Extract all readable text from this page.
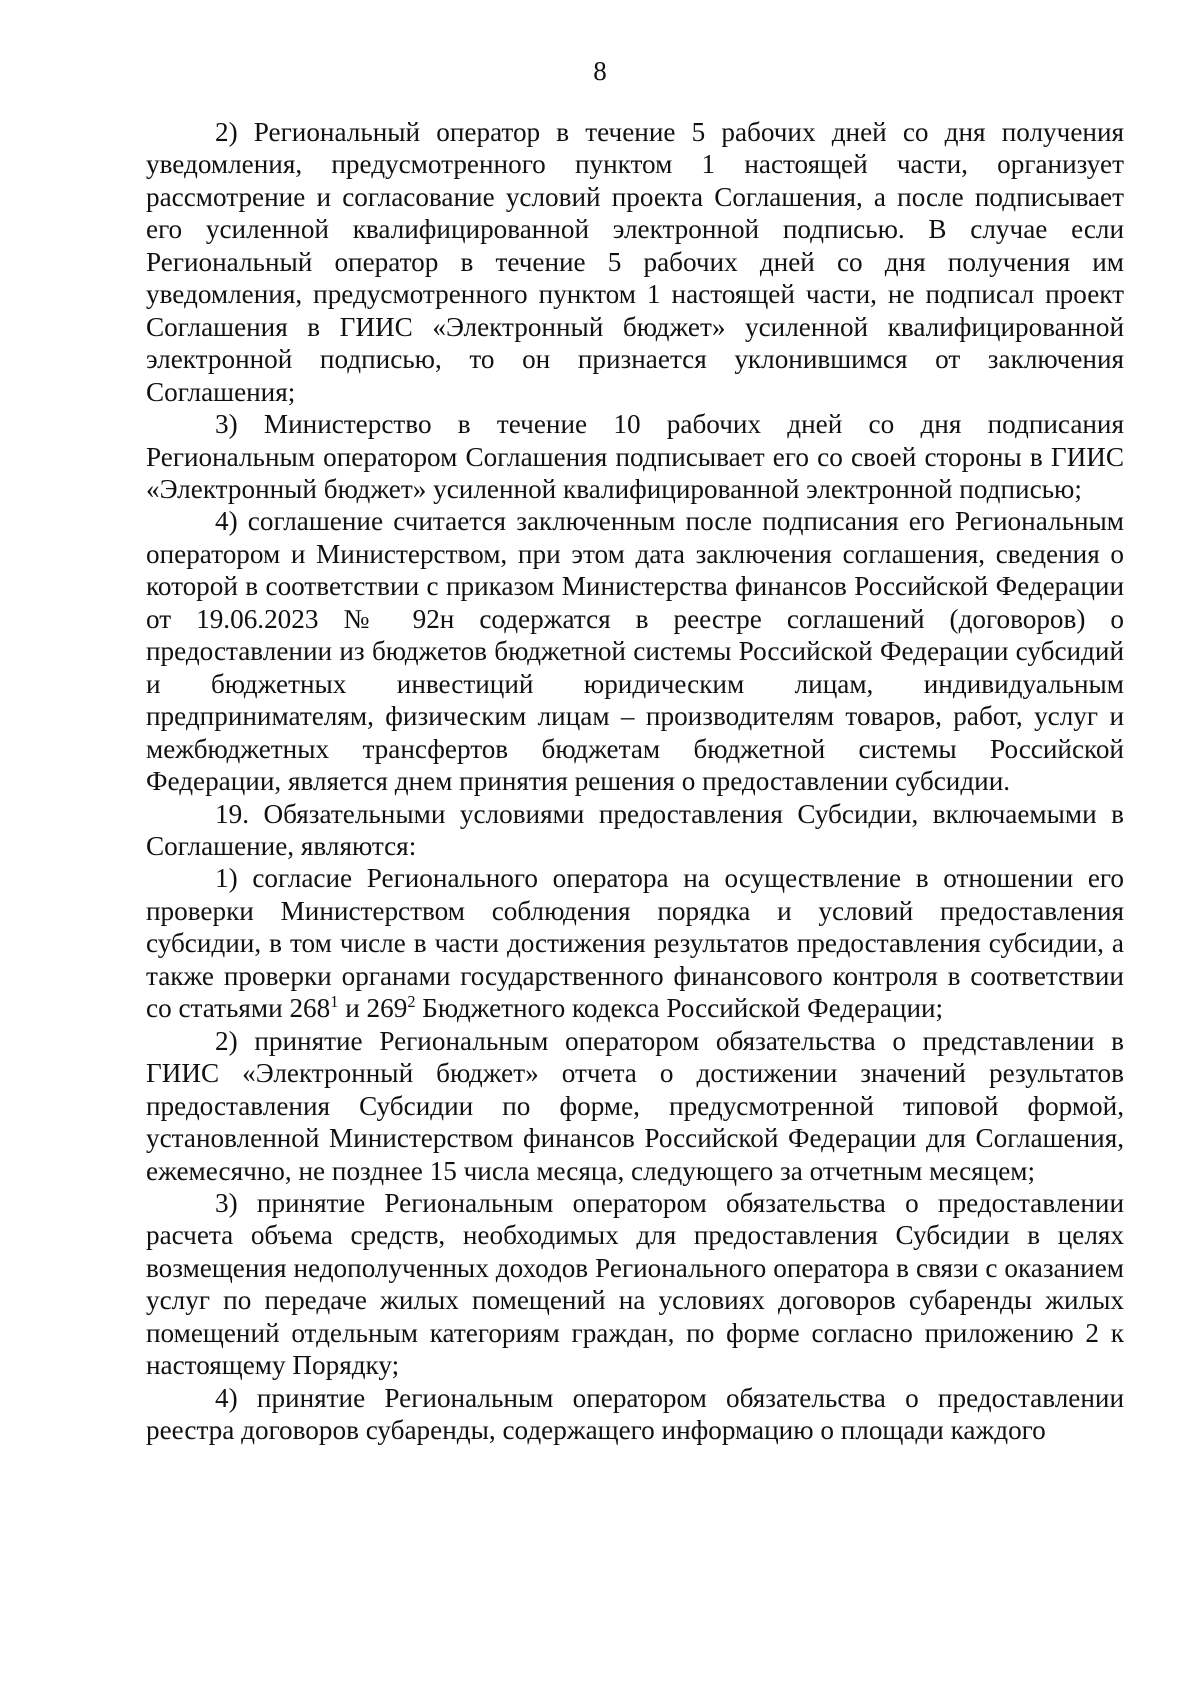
8

2) Региональный оператор в течение 5 рабочих дней со дня получения уведомления, предусмотренного пунктом 1 настоящей части, организует рассмотрение и согласование условий проекта Соглашения, а после подписывает его усиленной квалифицированной электронной подписью. В случае если Региональный оператор в течение 5 рабочих дней со дня получения им уведомления, предусмотренного пунктом 1 настоящей части, не подписал проект Соглашения в ГИИС «Электронный бюджет» усиленной квалифицированной электронной подписью, то он признается уклонившимся от заключения Соглашения;

3) Министерство в течение 10 рабочих дней со дня подписания Региональным оператором Соглашения подписывает его со своей стороны в ГИИС «Электронный бюджет» усиленной квалифицированной электронной подписью;

4) соглашение считается заключенным после подписания его Региональным оператором и Министерством, при этом дата заключения соглашения, сведения о которой в соответствии с приказом Министерства финансов Российской Федерации от 19.06.2023 № 92н содержатся в реестре соглашений (договоров) о предоставлении из бюджетов бюджетной системы Российской Федерации субсидий и бюджетных инвестиций юридическим лицам, индивидуальным предпринимателям, физическим лицам – производителям товаров, работ, услуг и межбюджетных трансфертов бюджетам бюджетной системы Российской Федерации, является днем принятия решения о предоставлении субсидии.

19. Обязательными условиями предоставления Субсидии, включаемыми в Соглашение, являются:

1) согласие Регионального оператора на осуществление в отношении его проверки Министерством соблюдения порядка и условий предоставления субсидии, в том числе в части достижения результатов предоставления субсидии, а также проверки органами государственного финансового контроля в соответствии со статьями $268^1$ и $269^2$ Бюджетного кодекса Российской Федерации;

2) принятие Региональным оператором обязательства о представлении в ГИИС «Электронный бюджет» отчета о достижении значений результатов предоставления Субсидии по форме, предусмотренной типовой формой, установленной Министерством финансов Российской Федерации для Соглашения, ежемесячно, не позднее 15 числа месяца, следующего за отчетным месяцем;

3) принятие Региональным оператором обязательства о предоставлении расчета объема средств, необходимых для предоставления Субсидии в целях возмещения недополученных доходов Регионального оператора в связи с оказанием услуг по передаче жилых помещений на условиях договоров субаренды жилых помещений отдельным категориям граждан, по форме согласно приложению 2 к настоящему Порядку;

4) принятие Региональным оператором обязательства о предоставлении реестра договоров субаренды, содержащего информацию о площади каждого
